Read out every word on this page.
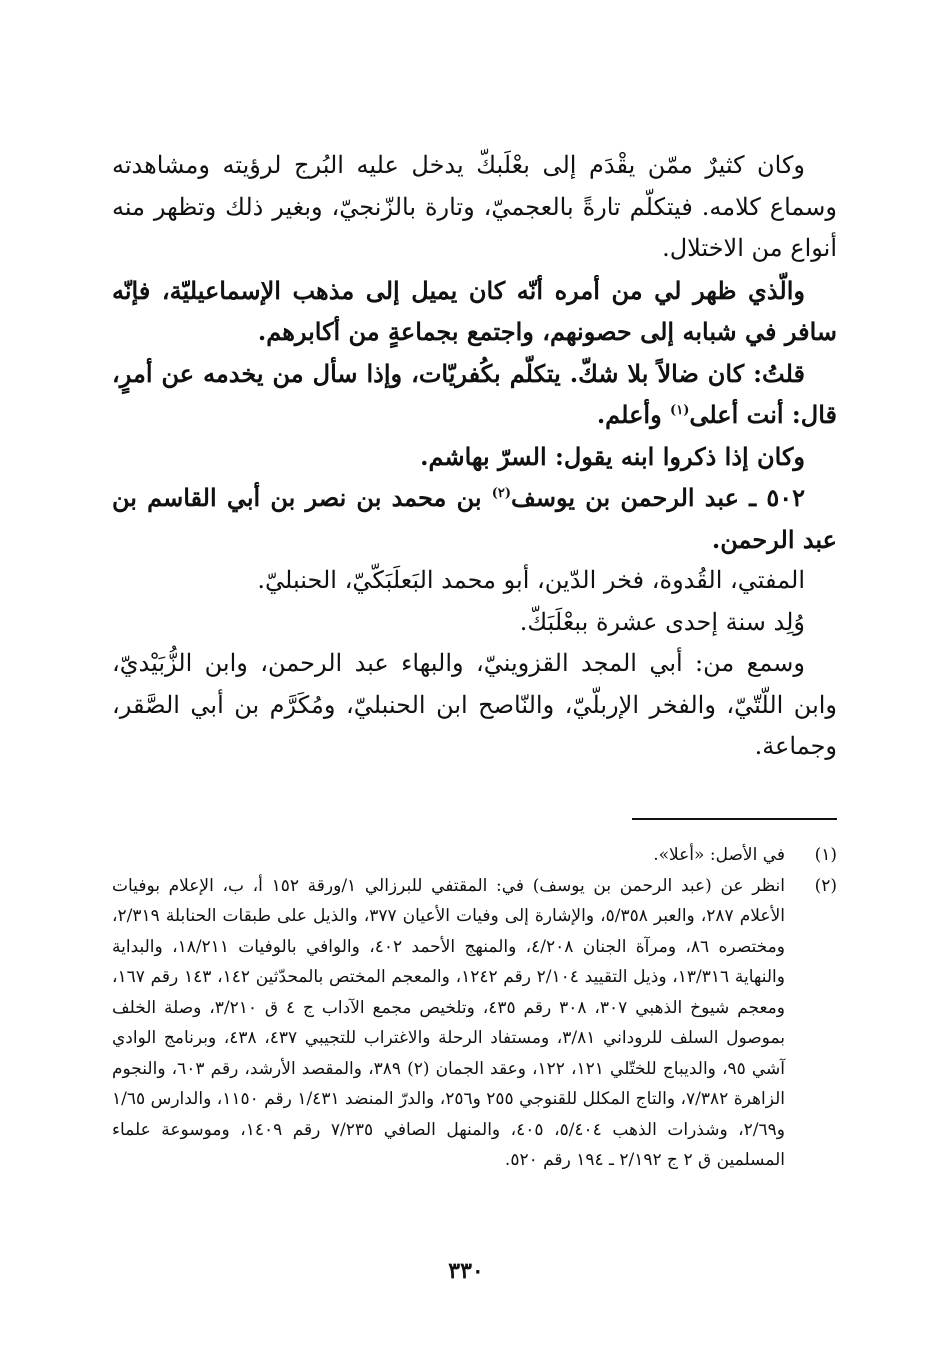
وكان كثيرٌ ممّن يقْدَم إلى بعْلَبكّ يدخل عليه البُرج لرؤيته ومشاهدته وسماع كلامه. فيتكلّم تارةً بالعجميّ، وتارة بالزّنجيّ، وبغير ذلك وتظهر منه أنواع من الاختلال.

والّذي ظهر لي من أمره أنّه كان يميل إلى مذهب الإسماعيليّة، فإنّه سافر في شبابه إلى حصونهم، واجتمع بجماعةٍ من أكابرهم.

قلتُ: كان ضالاً بلا شكّ. يتكلّم بكُفريّات، وإذا سأل من يخدمه عن أمرٍ، قال: أنت أعلى$^{(١)}$ وأعلم.

وكان إذا ذكروا ابنه يقول: السرّ بهاشم.

٥٠٢ ـ عبد الرحمن بن يوسف$^{(٢)}$ بن محمد بن نصر بن أبي القاسم بن عبد الرحمن.

المفتي، القُدوة، فخر الدّين، أبو محمد البَعلَبَكّيّ، الحنبليّ.

وُلِد سنة إحدى عشرة ببعْلَبَكّ.

وسمع من: أبي المجد القزوينيّ، والبهاء عبد الرحمن، وابن الزُّبَيْديّ، وابن اللّتّيّ، والفخر الإربلّيّ، والنّاصح ابن الحنبليّ، ومُكَرَّم بن أبي الصَّقر، وجماعة.

(١)
في الأصل: «أعلا».
(٢)
انظر عن (عبد الرحمن بن يوسف) في: المقتفي للبرزالي ١/ورقة ١٥٢ أ، ب، الإعلام بوفيات الأعلام ٢٨٧، والعبر ٥/٣٥٨، والإشارة إلى وفيات الأعيان ٣٧٧، والذيل على طبقات الحنابلة ٢/٣١٩، ومختصره ٨٦، ومرآة الجنان ٤/٢٠٨، والمنهج الأحمد ٤٠٢، والوافي بالوفيات ١٨/٢١١، والبداية والنهاية ١٣/٣١٦، وذيل التقييد ٢/١٠٤ رقم ١٢٤٢، والمعجم المختص بالمحدّثين ١٤٢، ١٤٣ رقم ١٦٧، ومعجم شيوخ الذهبي ٣٠٧، ٣٠٨ رقم ٤٣٥، وتلخيص مجمع الآداب ج ٤ ق ٣/٢١٠، وصلة الخلف بموصول السلف للروداني ٣/٨١، ومستفاد الرحلة والاغتراب للتجيبي ٤٣٧، ٤٣٨، وبرنامج الوادي آشي ٩٥، والديباج للختّلي ١٢١، ١٢٢، وعقد الجمان (٢) ٣٨٩، والمقصد الأرشد، رقم ٦٠٣، والنجوم الزاهرة ٧/٣٨٢، والتاج المكلل للقنوجي ٢٥٥ و٢٥٦، والدرّ المنضد ١/٤٣١ رقم ١١٥٠، والدارس ١/٦٥ و٢/٦٩، وشذرات الذهب ٥/٤٠٤، ٤٠٥، والمنهل الصافي ٧/٢٣٥ رقم ١٤٠٩، وموسوعة علماء المسلمين ق ٢ ج ٢/١٩٢ ـ ١٩٤ رقم ٥٢٠.
٣٣٠
